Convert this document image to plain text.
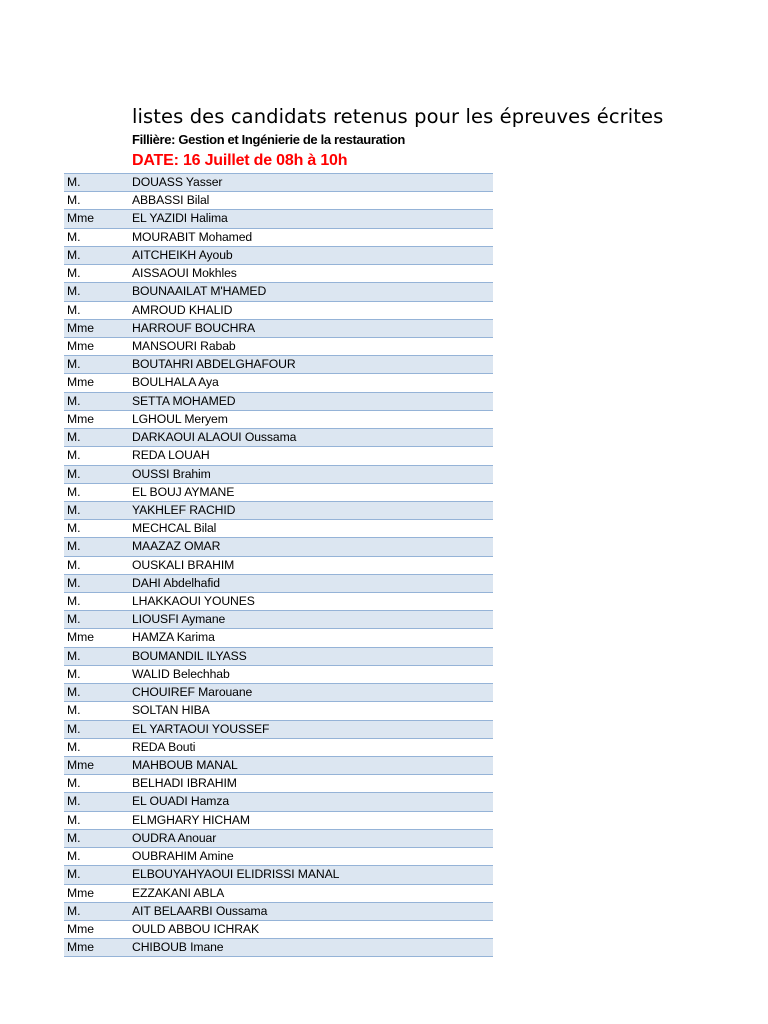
listes des candidats retenus pour les épreuves écrites
Fillière: Gestion et Ingénierie de la restauration
DATE: 16 Juillet de 08h à 10h
M.	DOUASS Yasser
M.	ABBASSI Bilal
Mme	EL YAZIDI Halima
M.	MOURABIT Mohamed
M.	AITCHEIKH Ayoub
M.	AISSAOUI Mokhles
M.	BOUNAAILAT M'HAMED
M.	AMROUD KHALID
Mme	HARROUF BOUCHRA
Mme	MANSOURI Rabab
M.	BOUTAHRI ABDELGHAFOUR
Mme	BOULHALA Aya
M.	SETTA MOHAMED
Mme	LGHOUL Meryem
M.	DARKAOUI ALAOUI Oussama
M.	REDA LOUAH
M.	OUSSI Brahim
M.	EL BOUJ AYMANE
M.	YAKHLEF RACHID
M.	MECHCAL Bilal
M.	MAAZAZ OMAR
M.	OUSKALI BRAHIM
M.	DAHI Abdelhafid
M.	LHAKKAOUI YOUNES
M.	LIOUSFI Aymane
Mme	HAMZA Karima
M.	BOUMANDIL ILYASS
M.	WALID Belechhab
M.	CHOUIREF Marouane
M.	SOLTAN HIBA
M.	EL YARTAOUI YOUSSEF
M.	REDA Bouti
Mme	MAHBOUB MANAL
M.	BELHADI IBRAHIM
M.	EL OUADI Hamza
M.	ELMGHARY HICHAM
M.	OUDRA Anouar
M.	OUBRAHIM Amine
M.	ELBOUYAHYAOUI ELIDRISSI MANAL
Mme	EZZAKANI ABLA
M.	AIT BELAARBI Oussama
Mme	OULD ABBOU ICHRAK
Mme	CHIBOUB Imane
